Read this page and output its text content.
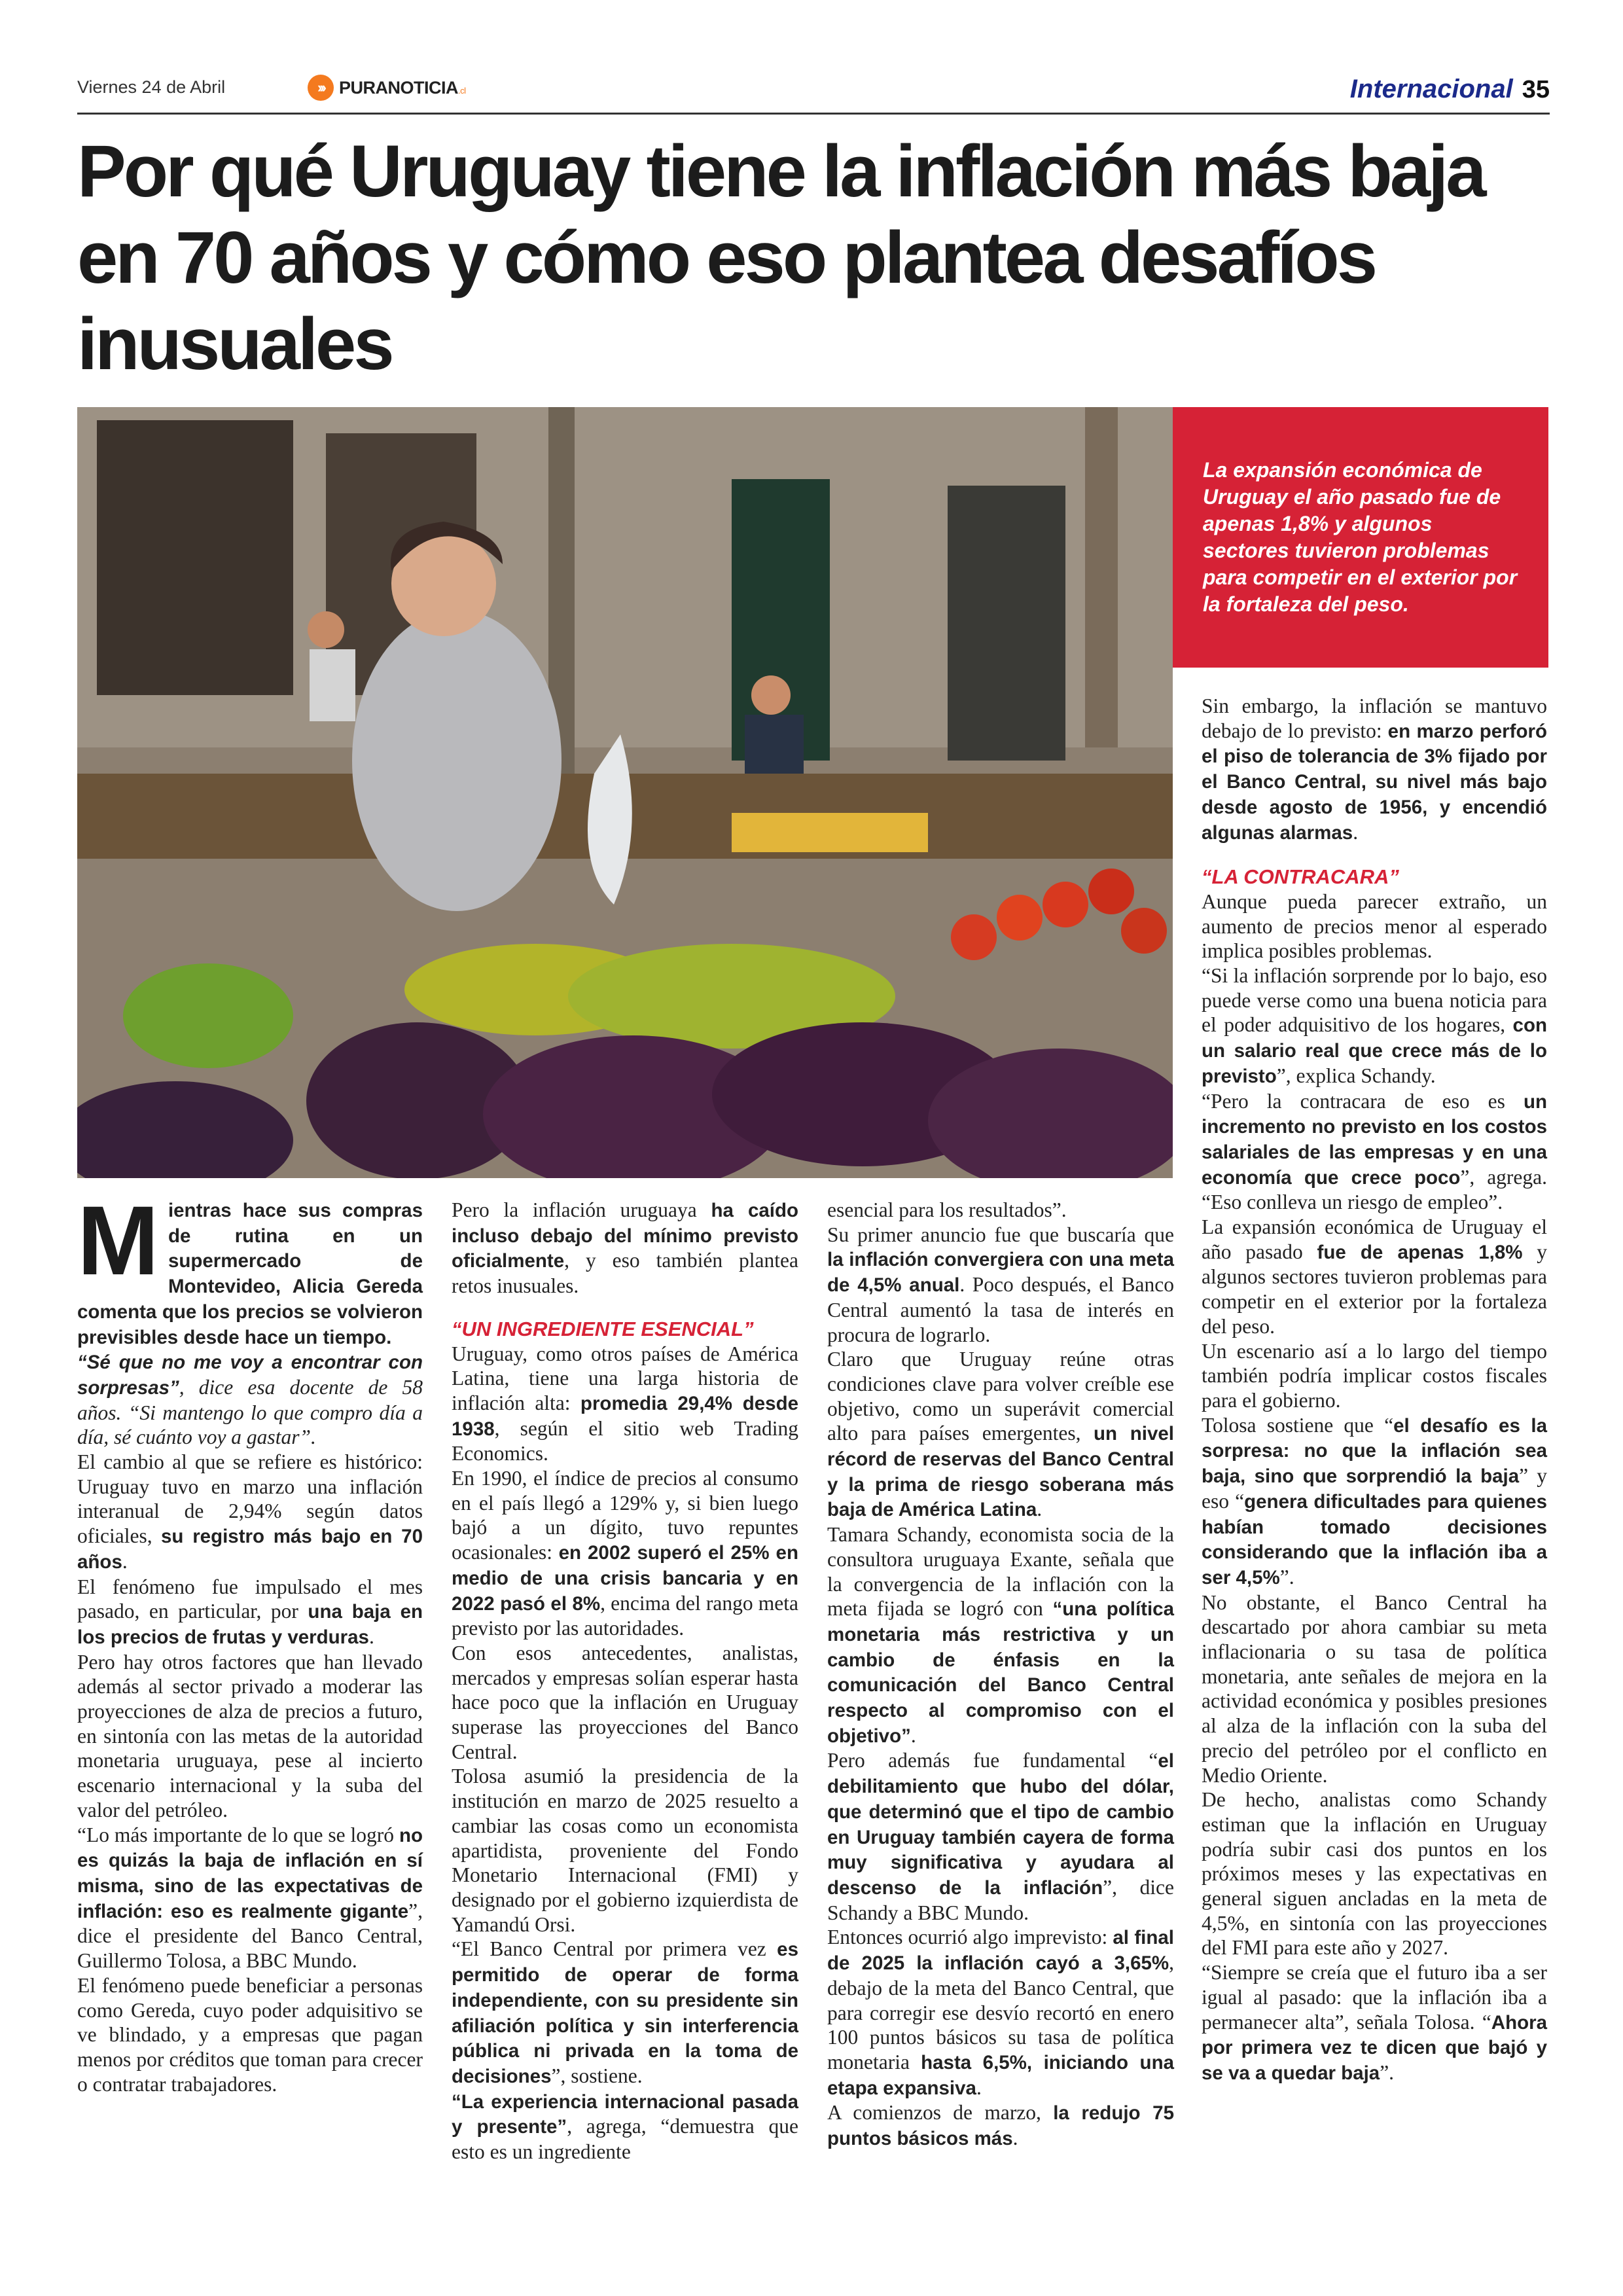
Viernes 24 de Abril	››› PURANOTICIA.cl	Internacional 35
Por qué Uruguay tiene la inflación más baja en 70 años y cómo eso plantea desafíos inusuales
La expansión económica de Uruguay el año pasado fue de apenas 1,8% y algunos sectores tuvieron problemas para competir en el exterior por la fortaleza del peso.

Mientras hace sus compras de rutina en un supermercado de Montevideo, Alicia Gereda comenta que los precios se volvieron previsibles desde hace un tiempo.

“Sé que no me voy a encontrar con sorpresas”, dice esa docente de 58 años. “Si mantengo lo que compro día a día, sé cuánto voy a gastar”.

El cambio al que se refiere es histórico: Uruguay tuvo en marzo una inflación interanual de 2,94% según datos oficiales, su registro más bajo en 70 años.

El fenómeno fue impulsado el mes pasado, en particular, por una baja en los precios de frutas y verduras.

Pero hay otros factores que han llevado además al sector privado a moderar las proyecciones de alza de precios a futuro, en sintonía con las metas de la autoridad monetaria uruguaya, pese al incierto escenario internacional y la suba del valor del petróleo.

“Lo más importante de lo que se logró no es quizás la baja de inflación en sí misma, sino de las expectativas de inflación: eso es realmente gigante”, dice el presidente del Banco Central, Guillermo Tolosa, a BBC Mundo.

El fenómeno puede beneficiar a personas como Gereda, cuyo poder adquisitivo se ve blindado, y a empresas que pagan menos por créditos que toman para crecer o contratar trabajadores.

Pero la inflación uruguaya ha caído incluso debajo del mínimo previsto oficialmente, y eso también plantea retos inusuales.

“UN INGREDIENTE ESENCIAL”

Uruguay, como otros países de América Latina, tiene una larga historia de inflación alta: promedia 29,4% desde 1938, según el sitio web Trading Economics.

En 1990, el índice de precios al consumo en el país llegó a 129% y, si bien luego bajó a un dígito, tuvo repuntes ocasionales: en 2002 superó el 25% en medio de una crisis bancaria y en 2022 pasó el 8%, encima del rango meta previsto por las autoridades.

Con esos antecedentes, analistas, mercados y empresas solían esperar hasta hace poco que la inflación en Uruguay superase las proyecciones del Banco Central.

Tolosa asumió la presidencia de la institución en marzo de 2025 resuelto a cambiar las cosas como un economista apartidista, proveniente del Fondo Monetario Internacional (FMI) y designado por el gobierno izquierdista de Yamandú Orsi.

“El Banco Central por primera vez es permitido de operar de forma independiente, con su presidente sin afiliación política y sin interferencia pública ni privada en la toma de decisiones”, sostiene.

“La experiencia internacional pasada y presente”, agrega, “demuestra que esto es un ingrediente

esencial para los resultados”.

Su primer anuncio fue que buscaría que la inflación convergiera con una meta de 4,5% anual. Poco después, el Banco Central aumentó la tasa de interés en procura de lograrlo.

Claro que Uruguay reúne otras condiciones clave para volver creíble ese objetivo, como un superávit comercial alto para países emergentes, un nivel récord de reservas del Banco Central y la prima de riesgo soberana más baja de América Latina.

Tamara Schandy, economista socia de la consultora uruguaya Exante, señala que la convergencia de la inflación con la meta fijada se logró con “una política monetaria más restrictiva y un cambio de énfasis en la comunicación del Banco Central respecto al compromiso con el objetivo”.

Pero además fue fundamental “el debilitamiento que hubo del dólar, que determinó que el tipo de cambio en Uruguay también cayera de forma muy significativa y ayudara al descenso de la inflación”, dice Schandy a BBC Mundo.

Entonces ocurrió algo imprevisto: al final de 2025 la inflación cayó a 3,65%, debajo de la meta del Banco Central, que para corregir ese desvío recortó en enero 100 puntos básicos su tasa de política monetaria hasta 6,5%, iniciando una etapa expansiva.

A comienzos de marzo, la redujo 75 puntos básicos más.

Sin embargo, la inflación se mantuvo debajo de lo previsto: en marzo perforó el piso de tolerancia de 3% fijado por el Banco Central, su nivel más bajo desde agosto de 1956, y encendió algunas alarmas.

“LA CONTRACARA”

Aunque pueda parecer extraño, un aumento de precios menor al esperado implica posibles problemas.

“Si la inflación sorprende por lo bajo, eso puede verse como una buena noticia para el poder adquisitivo de los hogares, con un salario real que crece más de lo previsto”, explica Schandy.

“Pero la contracara de eso es un incremento no previsto en los costos salariales de las empresas y en una economía que crece poco”, agrega. “Eso conlleva un riesgo de empleo”.

La expansión económica de Uruguay el año pasado fue de apenas 1,8% y algunos sectores tuvieron problemas para competir en el exterior por la fortaleza del peso.

Un escenario así a lo largo del tiempo también podría implicar costos fiscales para el gobierno.

Tolosa sostiene que “el desafío es la sorpresa: no que la inflación sea baja, sino que sorprendió la baja” y eso “genera dificultades para quienes habían tomado decisiones considerando que la inflación iba a ser 4,5%”.

No obstante, el Banco Central ha descartado por ahora cambiar su meta inflacionaria o su tasa de política monetaria, ante señales de mejora en la actividad económica y posibles presiones al alza de la inflación con la suba del precio del petróleo por el conflicto en Medio Oriente.

De hecho, analistas como Schandy estiman que la inflación en Uruguay podría subir casi dos puntos en los próximos meses y las expectativas en general siguen ancladas en la meta de 4,5%, en sintonía con las proyecciones del FMI para este año y 2027.

“Siempre se creía que el futuro iba a ser igual al pasado: que la inflación iba a permanecer alta”, señala Tolosa. “Ahora por primera vez te dicen que bajó y se va a quedar baja”.
